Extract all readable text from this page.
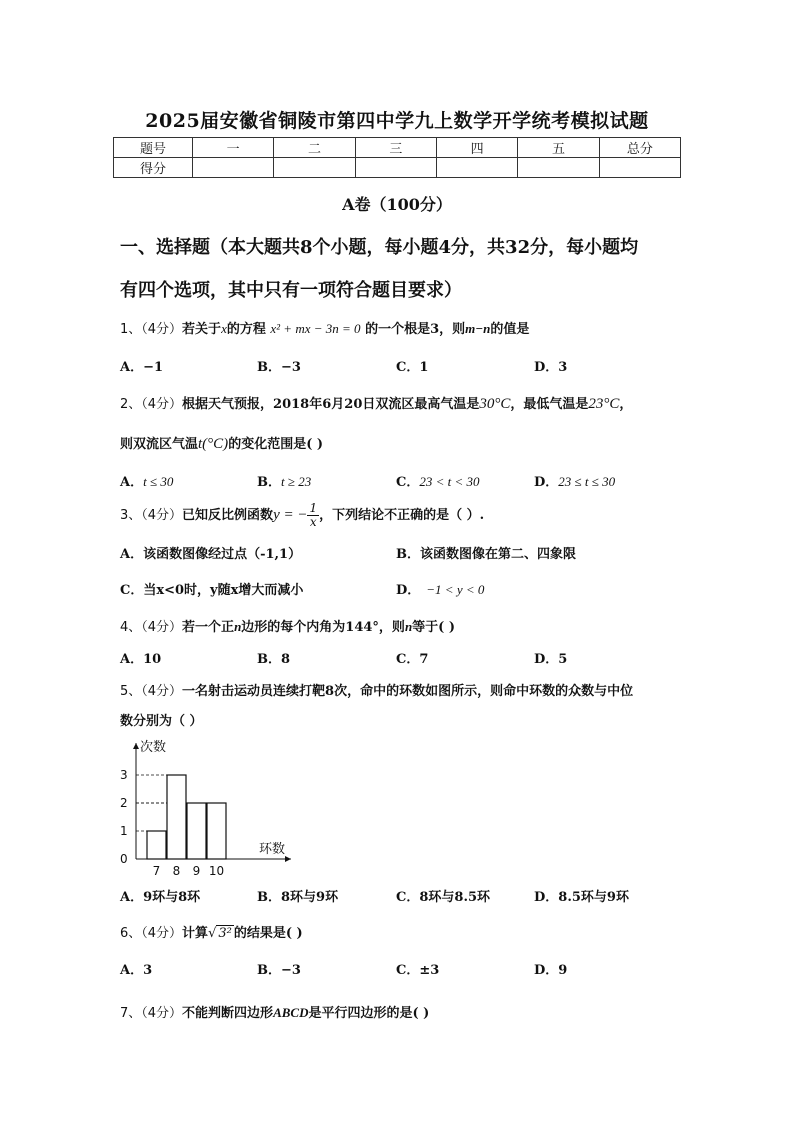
2025届安徽省铜陵市第四中学九上数学开学统考模拟试题
题号	一	二	三	四	五	总分
得分						
A卷（100分）
一、选择题（本大题共8个小题，每小题4分，共32分，每小题均
有四个选项，其中只有一项符合题目要求）
1、（4分）若关于x的方程 x² + mx − 3n = 0 的一个根是3，则m−n的值是
A．−1	B．−3	C．1	D．3
2、（4分）根据天气预报，2018年6月20日双流区最高气温是30°C，最低气温是23°C，
则双流区气温t(°C)的变化范围是( )
A．t ≤ 30	B．t ≥ 23	C．23 < t < 30	D．23 ≤ t ≤ 30
3、（4分）已知反比例函数y = − $\frac{1}{x}$ ，下列结论不正确的是（ ）.
A．该函数图像经过点（-1,1）	B．该函数图像在第二、四象限
C．当x<0时，y随x增大而减小	D． −1 < y < 0
4、（4分）若一个正n边形的每个内角为144°，则n等于( )
A．10	B．8	C．7	D．5
5、（4分）一名射击运动员连续打靶8次，命中的环数如图所示，则命中环数的众数与中位
数分别为（ ）
次数
环数
0
1
2
3
7 8 9 10
A．9环与8环	B．8环与9环	C．8环与8.5环	D．8.5环与9环
6、（4分）计算√ 3² 的结果是( )
A．3	B．−3	C．±3	D．9
7、（4分）不能判断四边形ABCD是平行四边形的是( )
